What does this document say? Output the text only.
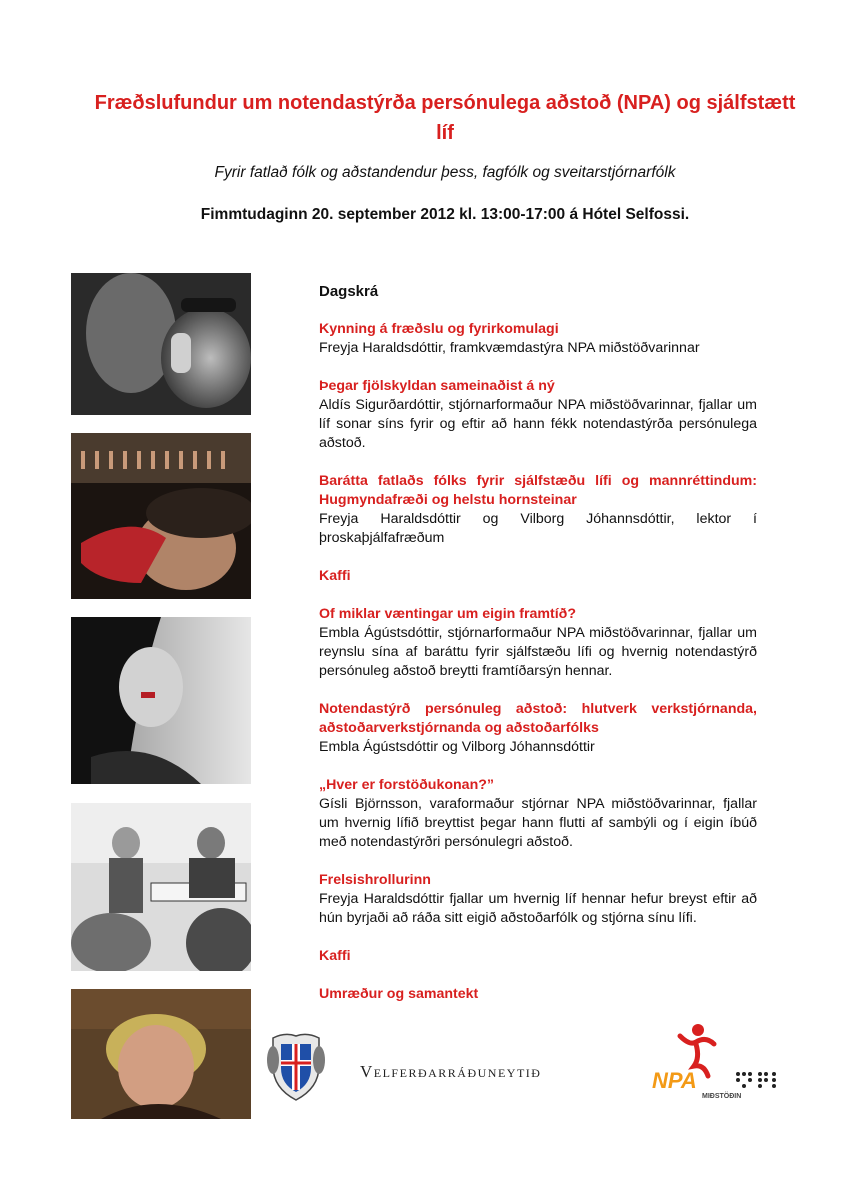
Fræðslufundur um notendastýrða persónulega aðstoð (NPA) og sjálfstætt líf
Fyrir fatlað fólk og aðstandendur þess, fagfólk og sveitarstjórnarfólk
Fimmtudaginn 20. september 2012 kl. 13:00-17:00 á Hótel Selfossi.
Dagskrá
Kynning á fræðslu og fyrirkomulagi
Freyja Haraldsdóttir, framkvæmdastýra NPA miðstöðvarinnar
Þegar fjölskyldan sameinaðist á ný
Aldís Sigurðardóttir, stjórnarformaður NPA miðstöðvarinnar, fjallar um líf sonar síns fyrir og eftir að hann fékk notendastýrða persónulega aðstoð.
Barátta fatlaðs fólks fyrir sjálfstæðu lífi og mannréttindum: Hugmyndafræði og helstu hornsteinar
Freyja Haraldsdóttir og Vilborg Jóhannsdóttir, lektor í þroskaþjálfafræðum
Kaffi
Of miklar væntingar um eigin framtíð?
Embla Ágústsdóttir, stjórnarformaður NPA miðstöðvarinnar, fjallar um reynslu sína af baráttu fyrir sjálfstæðu lífi og hvernig notendastýrð persónuleg aðstoð breytti framtíðarsýn hennar.
Notendastýrð persónuleg aðstoð: hlutverk verkstjórnanda, aðstoðarverkstjórnanda og aðstoðarfólks
Embla Ágústsdóttir og Vilborg Jóhannsdóttir
„Hver er forstöðukonan?”
Gísli Björnsson, varaformaður stjórnar NPA miðstöðvarinnar, fjallar um hvernig lífið breyttist þegar hann flutti af sambýli og í eigin íbúð með notendastýrðri persónulegri aðstoð.
Frelsishrollurinn
Freyja Haraldsdóttir fjallar um hvernig líf hennar hefur breyst eftir að hún byrjaði að ráða sitt eigið aðstoðarfólk og stjórna sínu lífi.
Kaffi
Umræður og samantekt
Velferðarráðuneytið	NPA
MIÐSTÖÐIN
